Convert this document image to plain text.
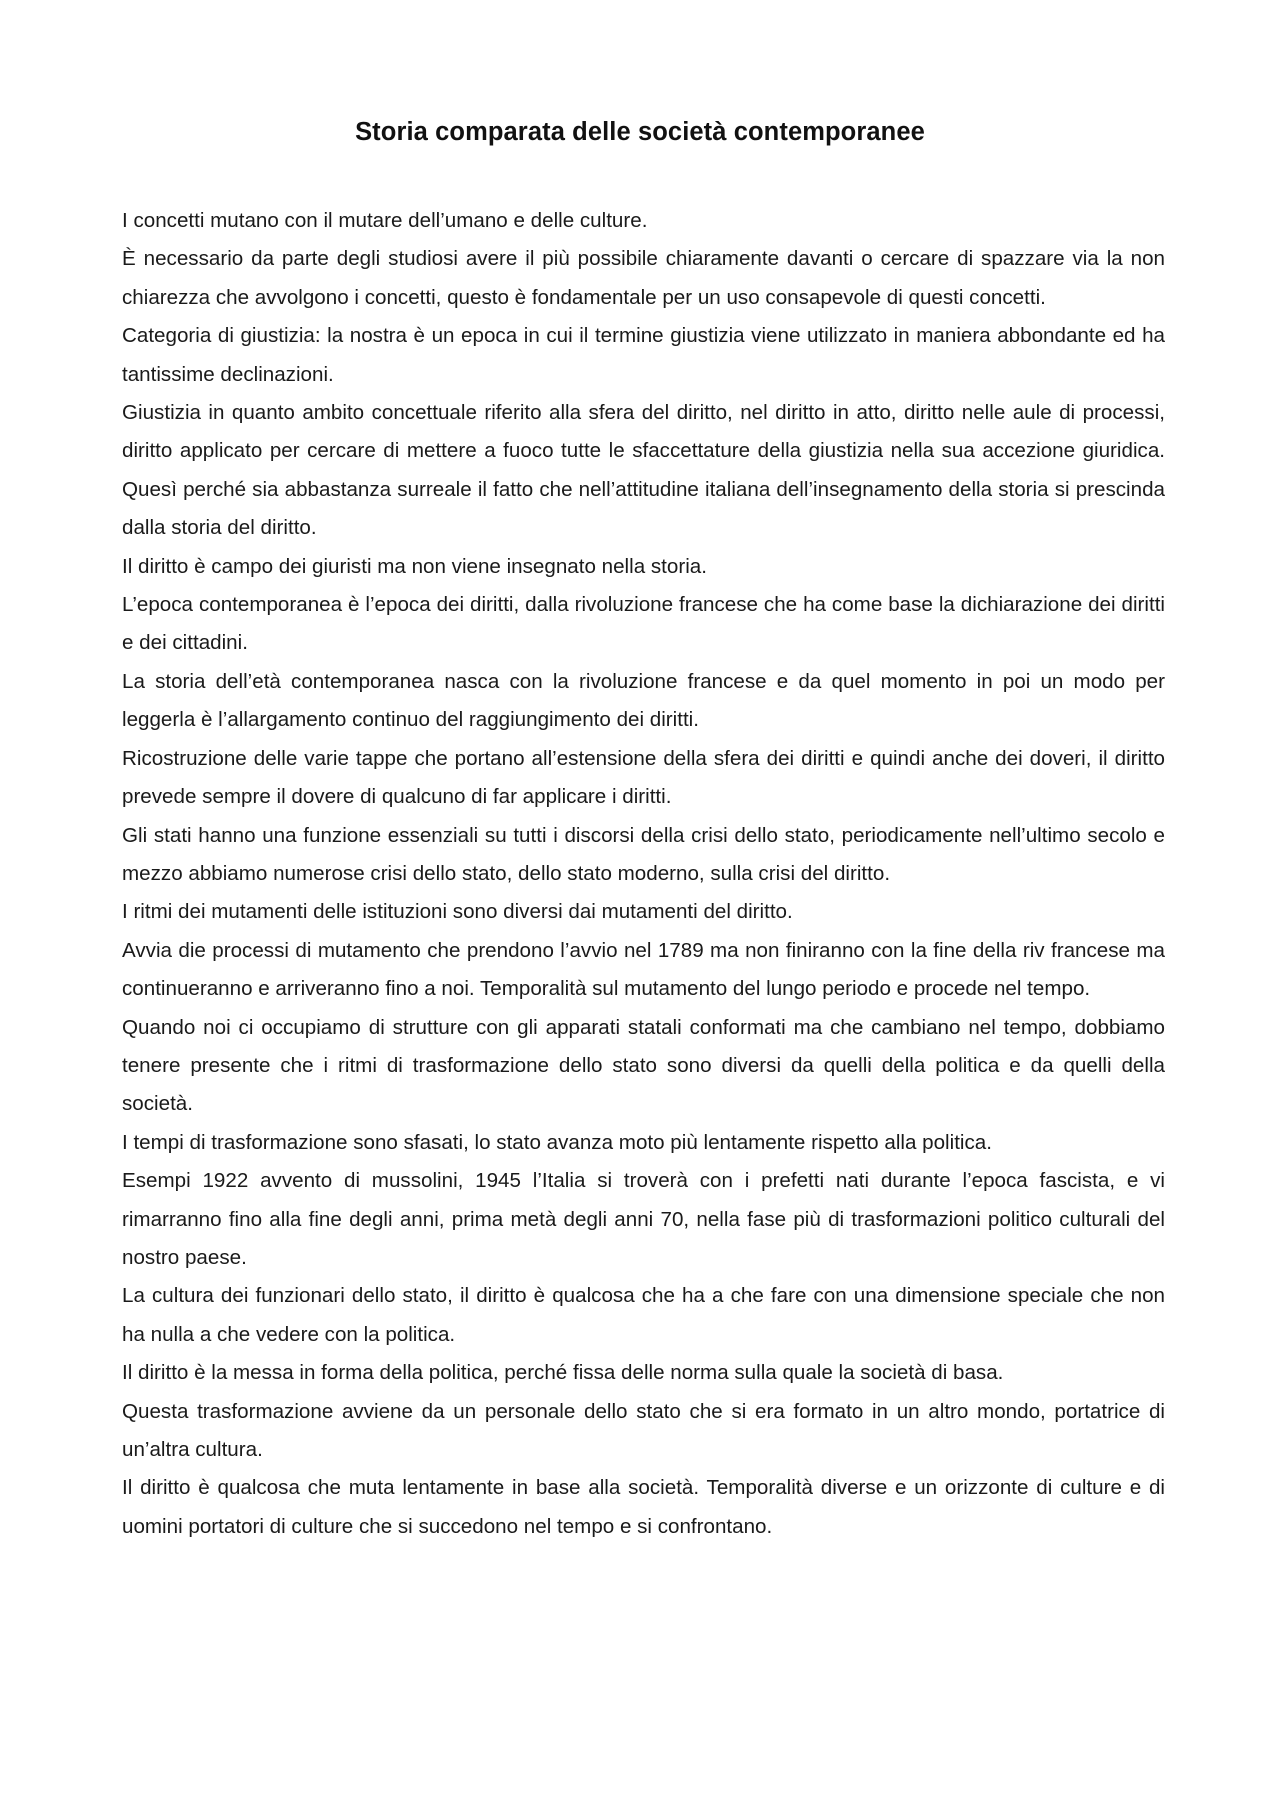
Storia comparata delle società contemporanee

I concetti mutano con il mutare dell’umano e delle culture.

È necessario da parte degli studiosi avere il più possibile chiaramente davanti o cercare di spazzare via la non chiarezza che avvolgono i concetti, questo è fondamentale per un uso consapevole di questi concetti.

Categoria di giustizia: la nostra è un epoca in cui il termine giustizia viene utilizzato in maniera abbondante ed ha tantissime declinazioni.

Giustizia in quanto ambito concettuale riferito alla sfera del diritto, nel diritto in atto, diritto nelle aule di processi, diritto applicato per cercare di mettere a fuoco tutte le sfaccettature della giustizia nella sua accezione giuridica. Quesì perché sia abbastanza surreale il fatto che nell’attitudine italiana dell’insegnamento della storia si prescinda dalla storia del diritto.

Il diritto è campo dei giuristi ma non viene insegnato nella storia.

L’epoca contemporanea è l’epoca dei diritti, dalla rivoluzione francese che ha come base la dichiarazione dei diritti e dei cittadini.

La storia dell’età contemporanea nasca con la rivoluzione francese e da quel momento in poi un modo per leggerla è l’allargamento continuo del raggiungimento dei diritti.

Ricostruzione delle varie tappe che portano all’estensione della sfera dei diritti e quindi anche dei doveri, il diritto prevede sempre il dovere di qualcuno di far applicare i diritti.

Gli stati hanno una funzione essenziali su tutti i discorsi della crisi dello stato, periodicamente nell’ultimo secolo e mezzo abbiamo numerose crisi dello stato, dello stato moderno, sulla crisi del diritto.

I ritmi dei mutamenti delle istituzioni sono diversi dai mutamenti del diritto.

Avvia die processi di mutamento che prendono l’avvio nel 1789 ma non finiranno con la fine della riv francese ma continueranno e arriveranno fino a noi. Temporalità sul mutamento del lungo periodo e procede nel tempo.

Quando noi ci occupiamo di strutture con gli apparati statali conformati ma che cambiano nel tempo, dobbiamo tenere presente che i ritmi di trasformazione dello stato sono diversi da quelli della politica e da quelli della società.

I tempi di trasformazione sono sfasati, lo stato avanza moto più lentamente rispetto alla politica.

Esempi 1922 avvento di mussolini, 1945 l’Italia si troverà con i prefetti nati durante l’epoca fascista, e vi rimarranno fino alla fine degli anni, prima metà degli anni 70, nella fase più di trasformazioni politico culturali del nostro paese.

La cultura dei funzionari dello stato, il diritto è qualcosa che ha a che fare con una dimensione speciale che non ha nulla a che vedere con la politica.

Il diritto è la messa in forma della politica, perché fissa delle norma sulla quale la società di basa.

Questa trasformazione avviene da un personale dello stato che si era formato in un altro mondo, portatrice di un’altra cultura.

Il diritto è qualcosa che muta lentamente in base alla società. Temporalità diverse e un orizzonte di culture e di uomini portatori di culture che si succedono nel tempo e si confrontano.
